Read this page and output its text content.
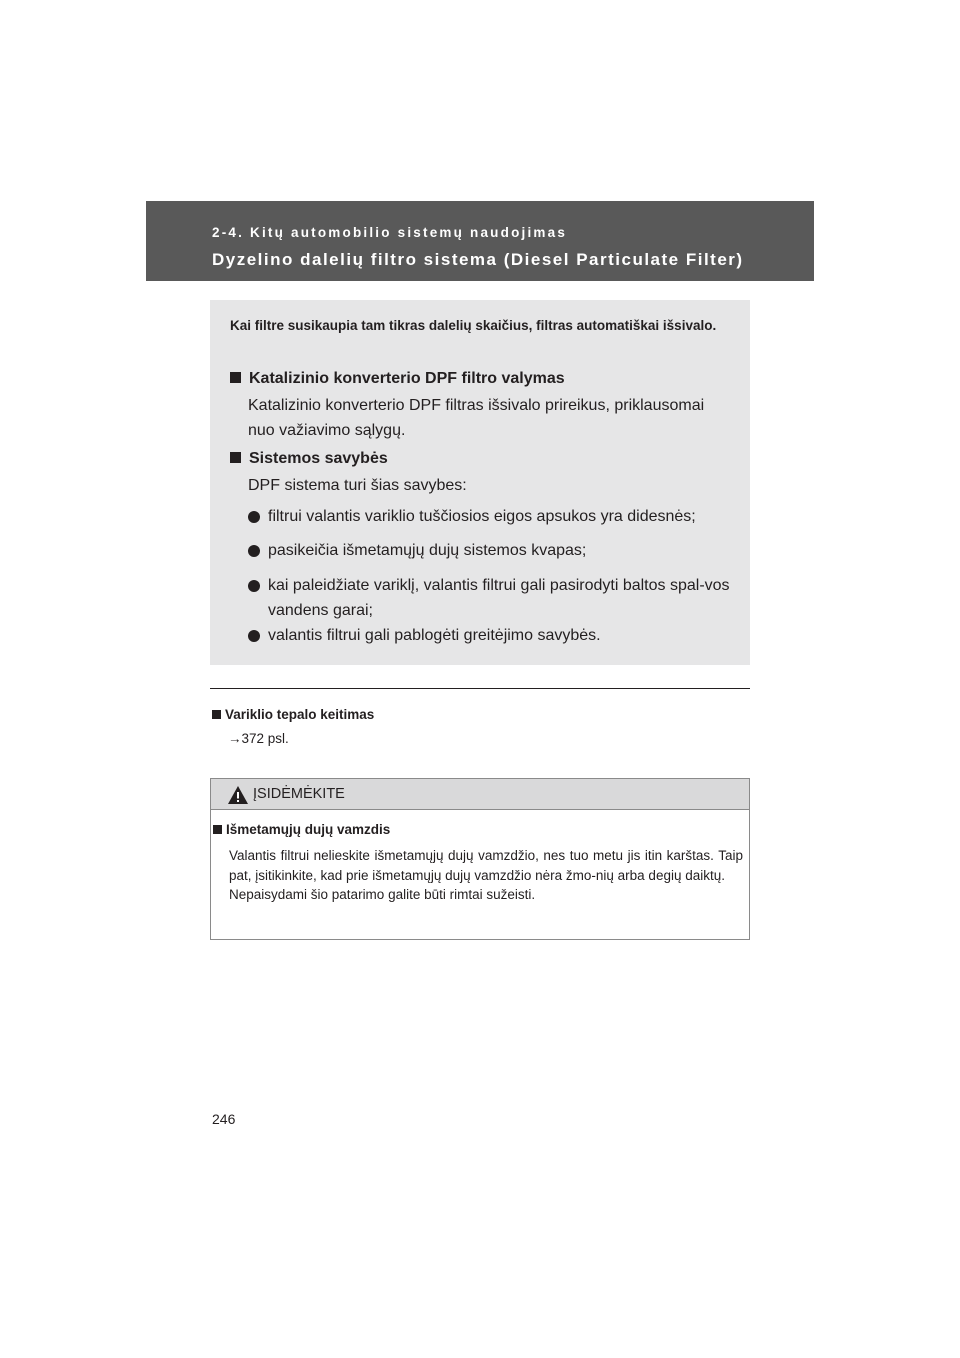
2-4. Kitų automobilio sistemų naudojimas
Dyzelino dalelių filtro sistema (Diesel Particulate Filter)
Kai filtre susikaupia tam tikras dalelių skaičius, filtras automatiškai išsivalo.
Katalizinio konverterio DPF filtro valymas
Katalizinio konverterio DPF filtras išsivalo prireikus, priklausomai nuo važiavimo sąlygų.
Sistemos savybės
DPF sistema turi šias savybes:
filtrui valantis variklio tuščiosios eigos apsukos yra didesnės;
pasikeičia išmetamųjų dujų sistemos kvapas;
kai paleidžiate variklį, valantis filtrui gali pasirodyti baltos spal-vos vandens garai;
valantis filtrui gali pablogėti greitėjimo savybės.
Variklio tepalo keitimas
→372 psl.
ĮSIDĖMĖKITE
Išmetamųjų dujų vamzdis
Valantis filtrui nelieskite išmetamųjų dujų vamzdžio, nes tuo metu jis itin karštas. Taip pat, įsitikinkite, kad prie išmetamųjų dujų vamzdžio nėra žmo-nių arba degių daiktų.
Nepaisydami šio patarimo galite būti rimtai sužeisti.
246
